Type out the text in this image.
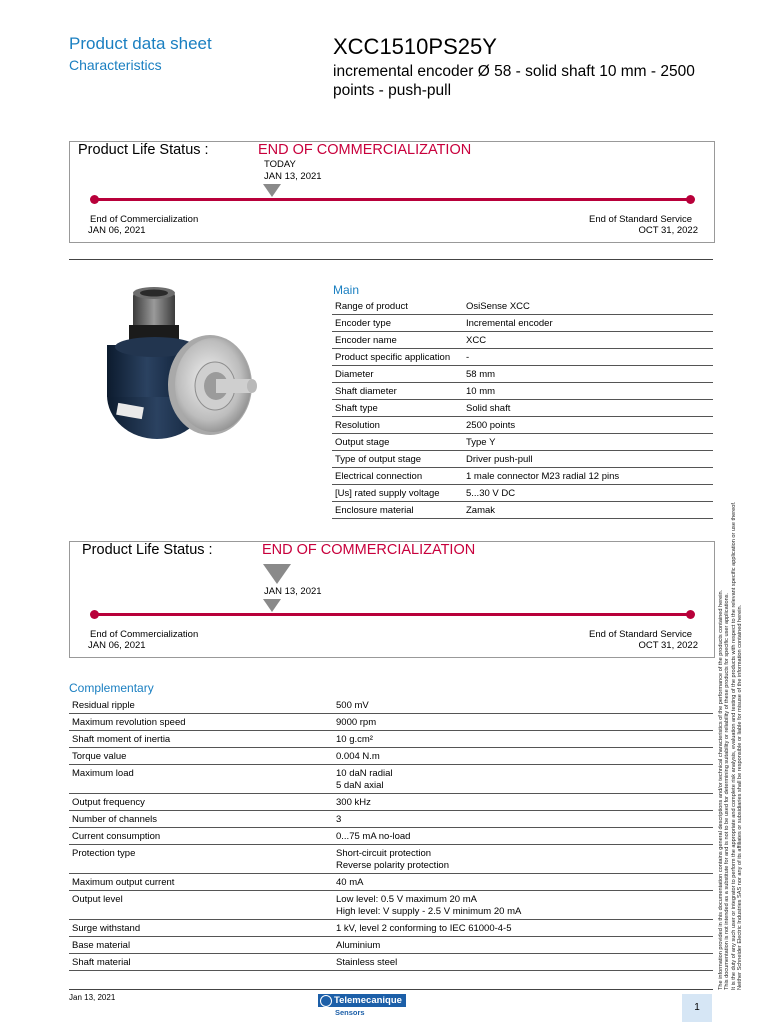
Product data sheet
Characteristics
XCC1510PS25Y
incremental encoder Ø 58 - solid shaft 10 mm - 2500 points - push-pull
Product Life Status :	END OF COMMERCIALIZATION
TODAY
JAN 13, 2021
End of Commercialization
JAN 06, 2021
End of Standard Service
OCT 31, 2022
Main
Range of product	OsiSense XCC
Encoder type	Incremental encoder
Encoder name	XCC
Product specific application	-
Diameter	58 mm
Shaft diameter	10 mm
Shaft type	Solid shaft
Resolution	2500 points
Output stage	Type Y
Type of output stage	Driver push-pull
Electrical connection	1 male connector M23 radial 12 pins
[Us] rated supply voltage	5...30 V DC
Enclosure material	Zamak
Product Life Status :	END OF COMMERCIALIZATION
JAN 13, 2021
End of Commercialization
JAN 06, 2021
End of Standard Service
OCT 31, 2022
Complementary
Residual ripple	500 mV

Maximum revolution speed	9000 rpm

Shaft moment of inertia	10 g.cm²

Torque value	0.004 N.m

Maximum load	10 daN radial
5 daN axial

Output frequency	300 kHz

Number of channels	3

Current consumption	0...75 mA no-load

Protection type	Short-circuit protection
Reverse polarity protection

Maximum output current	40 mA

Output level	Low level: 0.5 V maximum 20 mA
High level: V supply - 2.5 V minimum 20 mA

Surge withstand	1 kV, level 2 conforming to IEC 61000-4-5

Base material	Aluminium

Shaft material	Stainless steel	The information provided in this documentation contains general descriptions and/or technical characteristics of the performance of the products contained herein. This documentation is not intended as a substitute for and is not to be used for determining suitability or reliability of these products for specific user applications. It is the duty of any such user or integrator to perform the appropriate and complete risk analysis, evaluation and testing of the products with respect to the relevant specific application or use thereof. Neither Schneider Electric Industries SAS nor any of its affiliates or subsidiaries shall be responsible or liable for misuse of the information contained herein.
Jan 13, 2021	Telemecanique
Sensors	1
